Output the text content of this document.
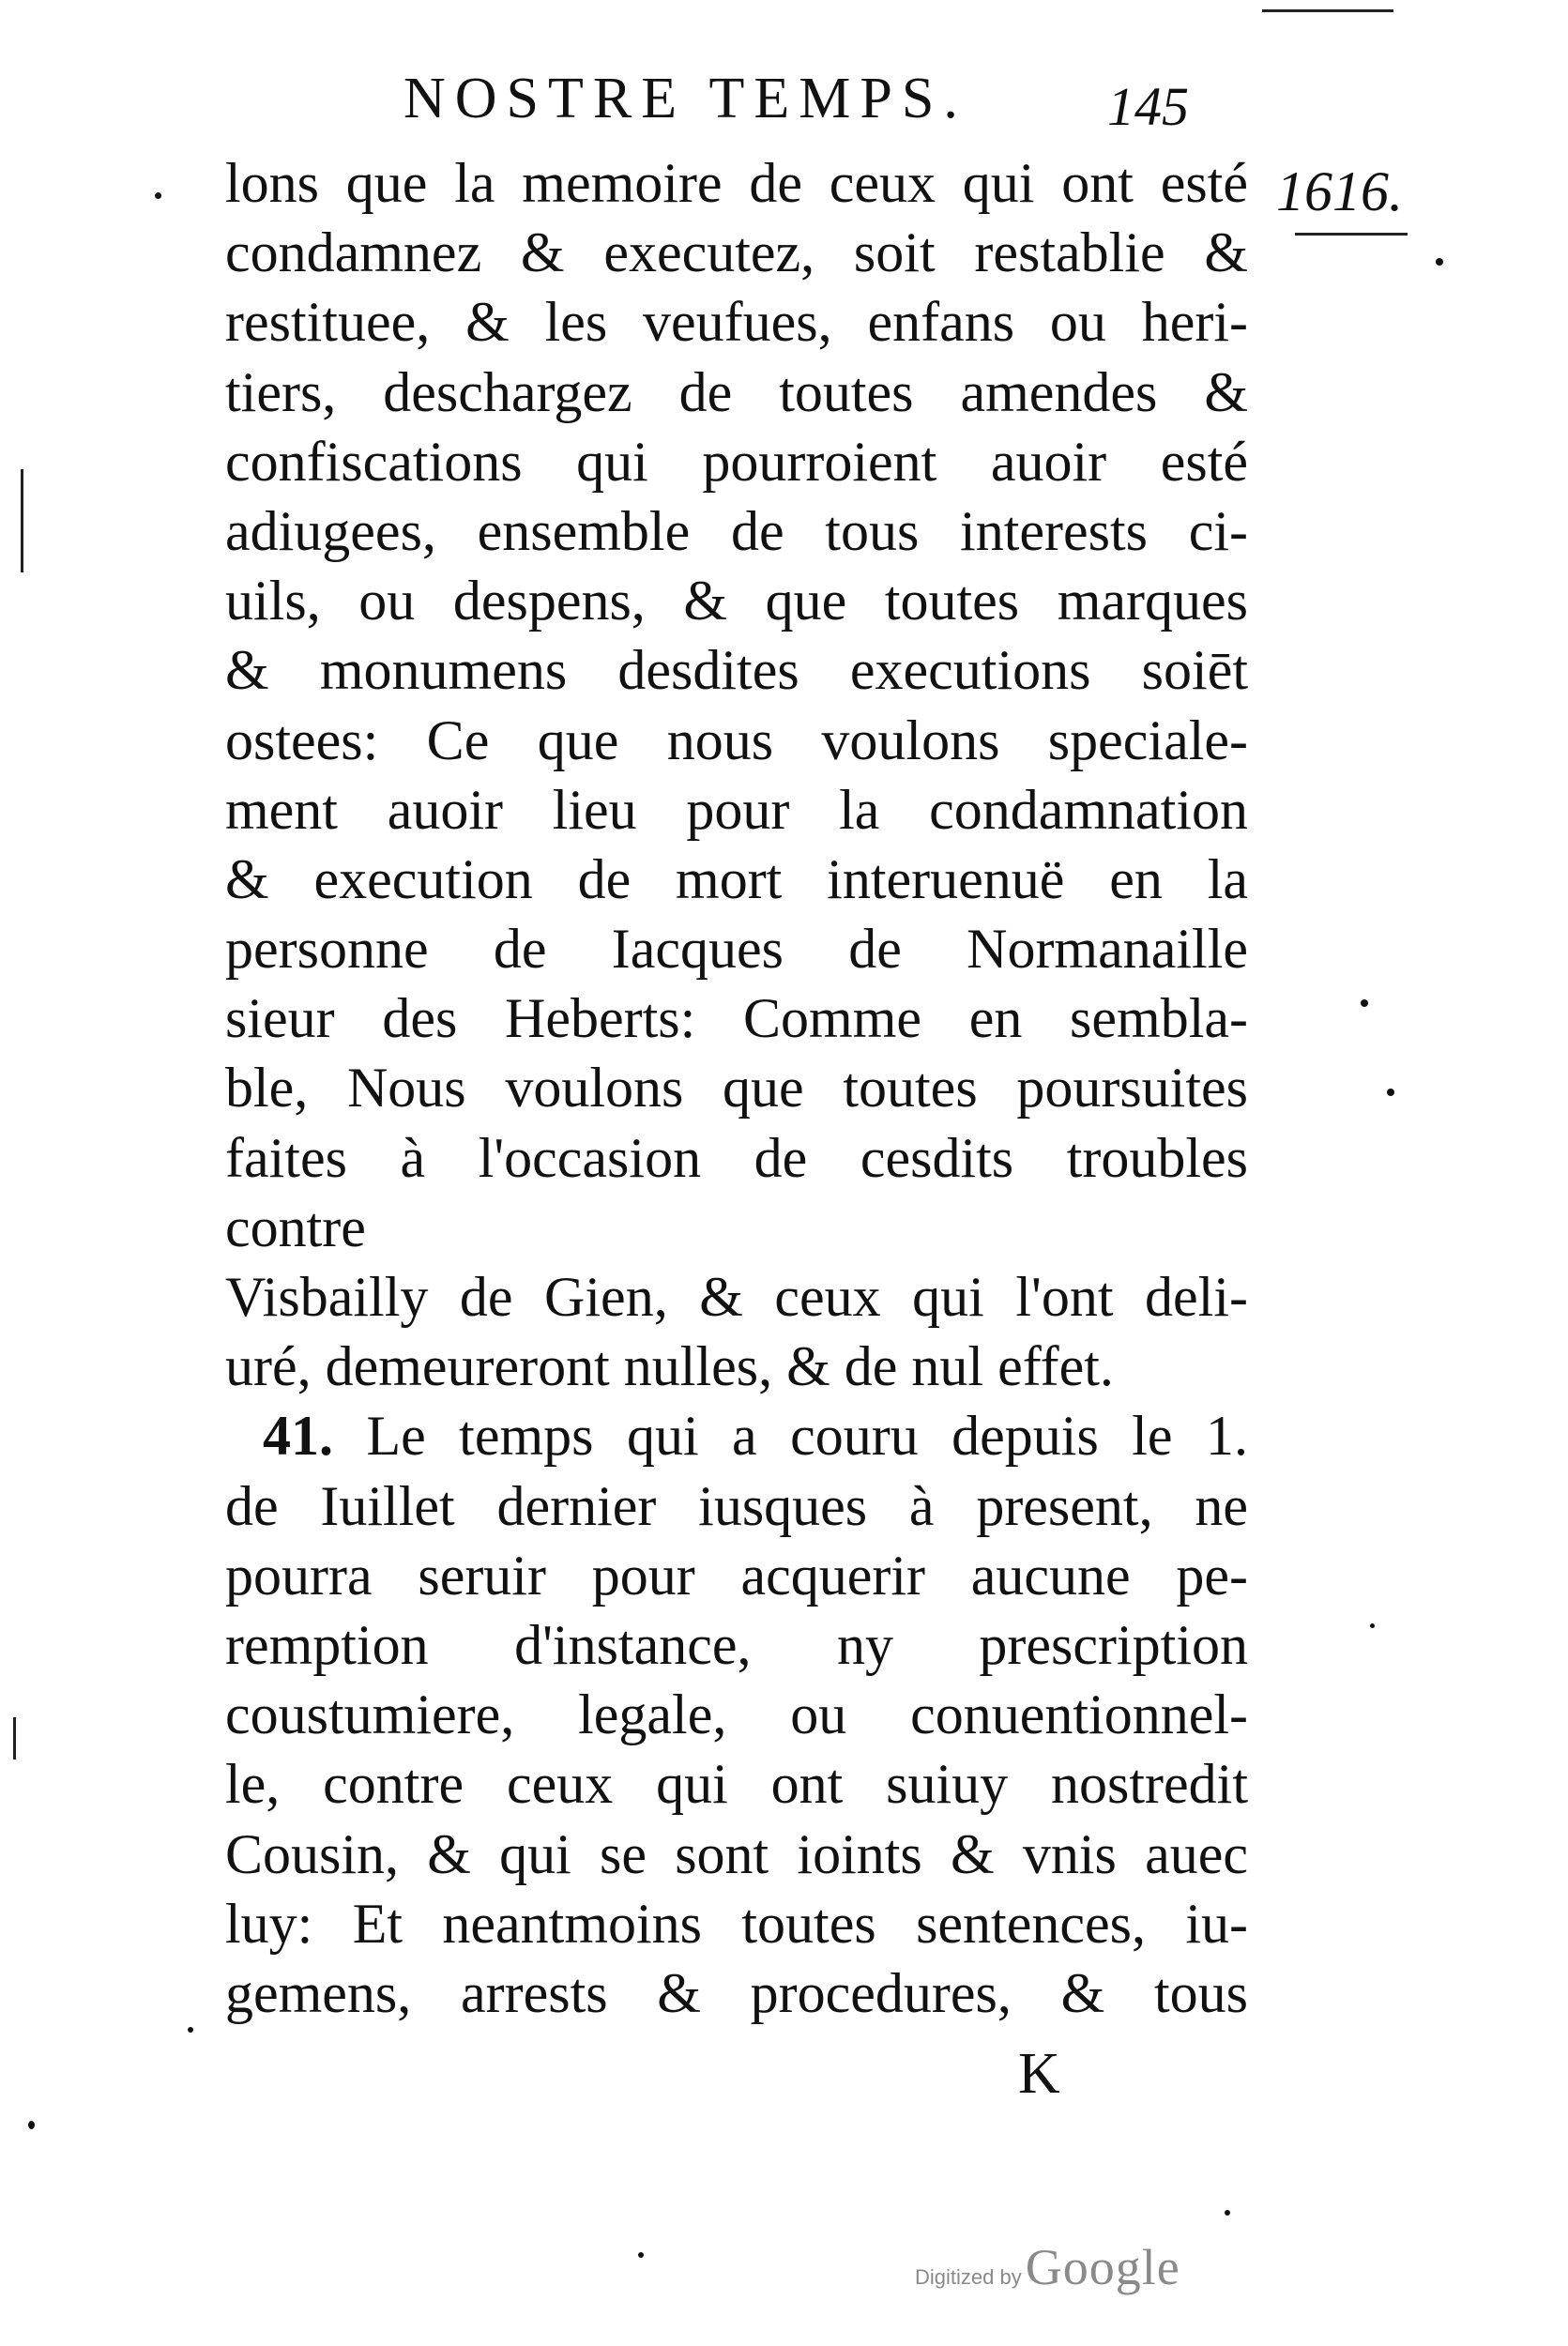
NOSTRE TEMPS.	145
1616.
lons que la memoire de ceux qui ont esté
condamnez & executez, soit restablie &
restituee, & les veufues, enfans ou heri-
tiers, deschargez de toutes amendes &
confiscations qui pourroient auoir esté
adiugees, ensemble de tous interests ci-
uils, ou despens, & que toutes marques
& monumens desdites executions soiēt
ostees: Ce que nous voulons speciale-
ment auoir lieu pour la condamnation
& execution de mort interuenuë en la
personne de Iacques de Normanaille
sieur des Heberts: Comme en sembla-
ble, Nous voulons que toutes poursuites
faites à l'occasion de cesdits troubles
contre
Visbailly de Gien, & ceux qui l'ont deli-
uré, demeureront nulles, & de nul effet.
41. Le temps qui a couru depuis le 1.
de Iuillet dernier iusques à present, ne
pourra seruir pour acquerir aucune pe-
remption d'instance, ny prescription
coustumiere, legale, ou conuentionnel-
le, contre ceux qui ont suiuy nostredit
Cousin, & qui se sont ioints & vnis auec
luy: Et neantmoins toutes sentences, iu-
gemens, arrests & procedures, & tous
K
Digitized by Google
